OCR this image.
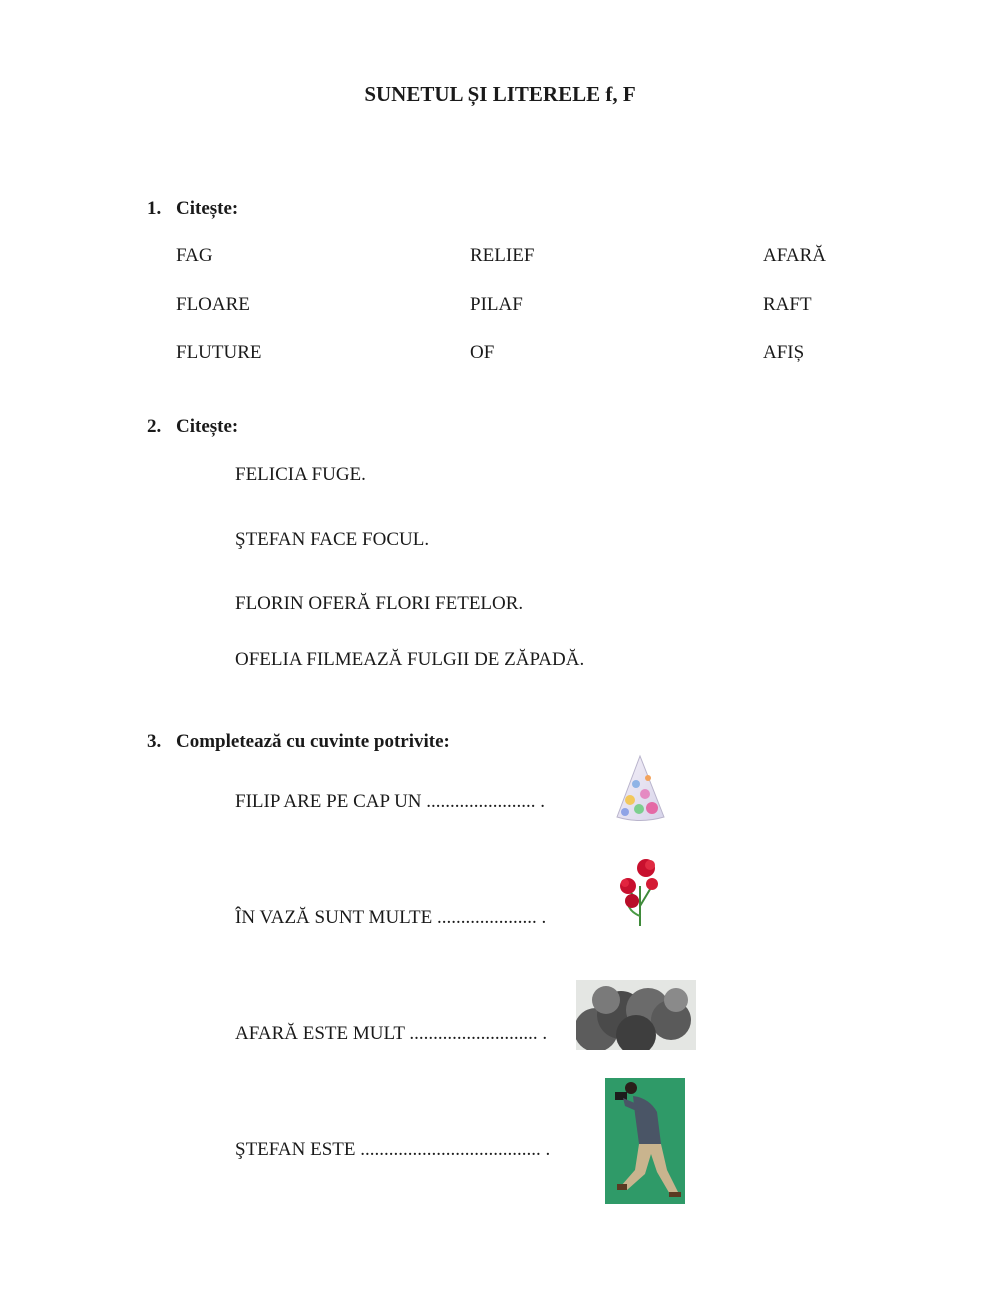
SUNETUL ȘI LITERELE f, F
1. Citește:
FAG	RELIEF	AFARĂ
FLOARE	PILAF	RAFT
FLUTURE	OF	AFIȘ
2. Citește:
FELICIA FUGE.
ŞTEFAN FACE FOCUL.
FLORIN OFERĂ FLORI FETELOR.
OFELIA FILMEAZĂ FULGII DE ZĂPADĂ.
3. Completează cu cuvinte potrivite:
FILIP ARE PE CAP UN ....................... .
ÎN VAZĂ SUNT MULTE ..................... .
AFARĂ ESTE MULT ........................... .
ŞTEFAN ESTE ...................................... .
